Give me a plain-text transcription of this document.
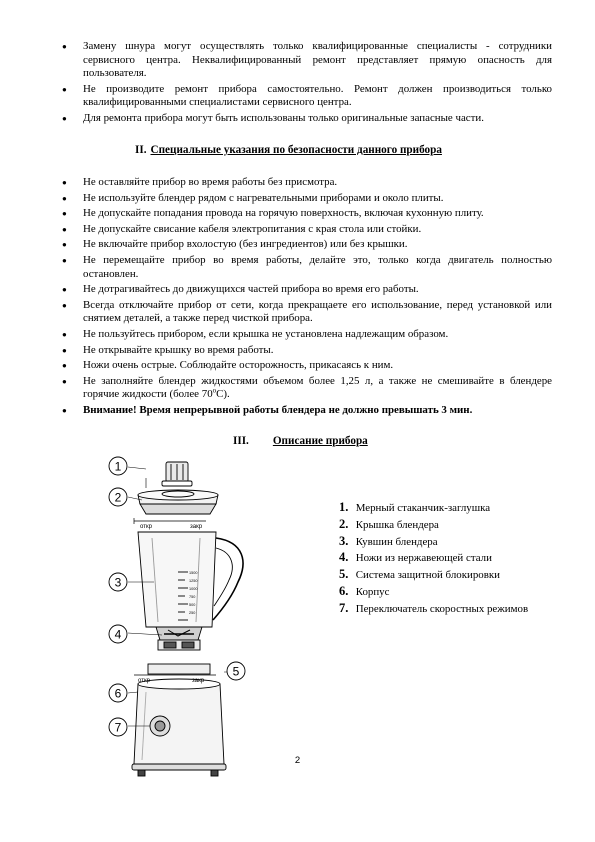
● Замену шнура могут осуществлять только квалифицированные специалисты - сотрудники сервисного центра. Неквалифицированный ремонт представляет прямую опасность для пользователя.
● Не производите ремонт прибора самостоятельно. Ремонт должен производиться только квалифицированными специалистами сервисного центра.
● Для ремонта прибора могут быть использованы только оригинальные запасные части.
II. Специальные указания по безопасности данного прибора
● Не оставляйте прибор во время работы без присмотра.
● Не используйте блендер рядом с нагревательными приборами и около плиты.
● Не допускайте попадания провода на горячую поверхность, включая кухонную плиту.
● Не допускайте свисание кабеля электропитания с края стола или стойки.
● Не включайте прибор вхолостую (без ингредиентов) или без крышки.
● Не перемещайте прибор во время работы, делайте это, только когда двигатель полностью остановлен.
● Не дотрагивайтесь до движущихся частей прибора во время его работы.
● Всегда отключайте прибор от сети, когда прекращаете его использование, перед установкой или снятием деталей, а также перед чисткой прибора.
● Не пользуйтесь прибором, если крышка не установлена надлежащим образом.
● Не открывайте крышку во время работы.
● Ножи очень острые. Соблюдайте осторожность, прикасаясь к ним.
● Не заполняйте блендер жидкостями объемом более 1,25 л, а также не смешивайте в блендере горячие жидкости (более 70$^o$C).
● Внимание! Время непрерывной работы блендера не должно превышать 3 мин.
III. Описание прибора
откр	закр
откр	закр
1500
1250
1000
750
500
250
1
2
3
4
5
6
7
1. Мерный стаканчик-заглушка
2. Крышка блендера
3. Кувшин блендера
4. Ножи из нержавеющей стали
5. Система защитной блокировки
6. Корпус
7. Переключатель скоростных режимов
2
